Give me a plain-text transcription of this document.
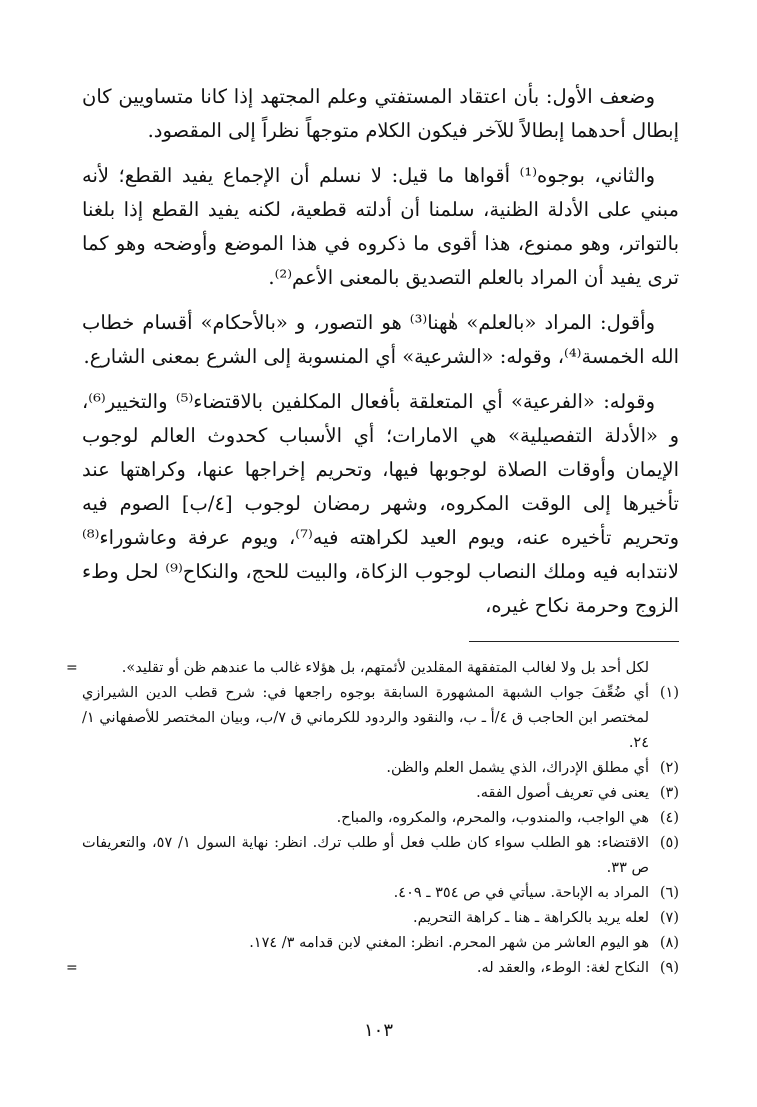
وضعف الأول: بأن اعتقاد المستفتي وعلم المجتهد إذا كانا متساويين كان إبطال أحدهما إبطالاً للآخر فيكون الكلام متوجهاً نظراً إلى المقصود.

والثاني، بوجوه⁽¹⁾ أقواها ما قيل: لا نسلم أن الإجماع يفيد القطع؛ لأنه مبني على الأدلة الظنية، سلمنا أن أدلته قطعية، لكنه يفيد القطع إذا بلغنا بالتواتر، وهو ممنوع، هذا أقوى ما ذكروه في هذا الموضع وأوضحه وهو كما ترى يفيد أن المراد بالعلم التصديق بالمعنى الأعم⁽²⁾.

وأقول: المراد «بالعلم» هٰهنا⁽³⁾ هو التصور، و «بالأحكام» أقسام خطاب الله الخمسة⁽⁴⁾، وقوله: «الشرعية» أي المنسوبة إلى الشرع بمعنى الشارع.

وقوله: «الفرعية» أي المتعلقة بأفعال المكلفين بالاقتضاء⁽⁵⁾ والتخيير⁽⁶⁾، و «الأدلة التفصيلية» هي الامارات؛ أي الأسباب كحدوث العالم لوجوب الإيمان وأوقات الصلاة لوجوبها فيها، وتحريم إخراجها عنها، وكراهتها عند تأخيرها إلى الوقت المكروه، وشهر رمضان لوجوب [٤/ب] الصوم فيه وتحريم تأخيره عنه، ويوم العيد لكراهته فيه⁽⁷⁾، ويوم عرفة وعاشوراء⁽⁸⁾ لانتدابه فيه وملك النصاب لوجوب الزكاة، والبيت للحج، والنكاح⁽⁹⁾ لحل وطء الزوج وحرمة نكاح غيره،

=	لكل أحد بل ولا لغالب المتفقهة المقلدين لأئمتهم، بل هؤلاء غالب ما عندهم ظن أو تقليد».
(١)
أي ضُعِّفَ جواب الشبهة المشهورة السابقة بوجوه راجعها في: شرح قطب الدين الشيرازي لمختصر ابن الحاجب ق ٤/أ ـ ب، والنقود والردود للكرماني ق ٧/ب، وبيان المختصر للأصفهاني ١/ ٢٤.
(٢)
أي مطلق الإدراك، الذي يشمل العلم والظن.
(٣)
يعنى في تعريف أصول الفقه.
(٤)
هي الواجب، والمندوب، والمحرم، والمكروه، والمباح.
(٥)
الاقتضاء: هو الطلب سواء كان طلب فعل أو طلب ترك. انظر: نهاية السول ١/ ٥٧، والتعريفات ص ٣٣.
(٦)
المراد به الإباحة. سيأتي في ص ٣٥٤ ـ ٤٠٩.
(٧)
لعله يريد بالكراهة ـ هنا ـ كراهة التحريم.
(٨)
هو اليوم العاشر من شهر المحرم. انظر: المغني لابن قدامه ٣/ ١٧٤.
(٩)
النكاح لغة: الوطء، والعقد له.
=
١٠٣
